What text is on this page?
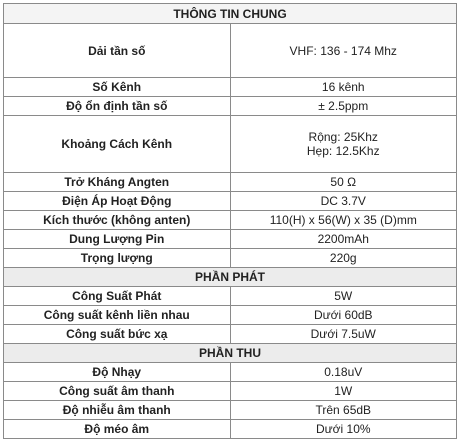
THÔNG TIN CHUNG	
Dải tần số	VHF: 136 - 174 Mhz
Số Kênh	16 kênh
Độ ổn định tần số	± 2.5ppm
Khoảng Cách Kênh	Rộng: 25Khz
Hẹp: 12.5Khz

Trở Kháng Angten	50 Ω
Điện Áp Hoạt Động	DC 3.7V
Kích thước (không anten)	110(H) x 56(W) x 35 (D)mm
Dung Lượng Pin	2200mAh
Trọng lượng	220g
PHẦN PHÁT	
Công Suất Phát	5W
Công suất kênh liền nhau	Dưới 60dB
Công suất bức xạ	Dưới 7.5uW
PHẦN THU	
Độ Nhạy	0.18uV
Công suất âm thanh	1W
Độ nhiễu âm thanh	Trên 65dB
Độ méo âm	Dưới 10%
